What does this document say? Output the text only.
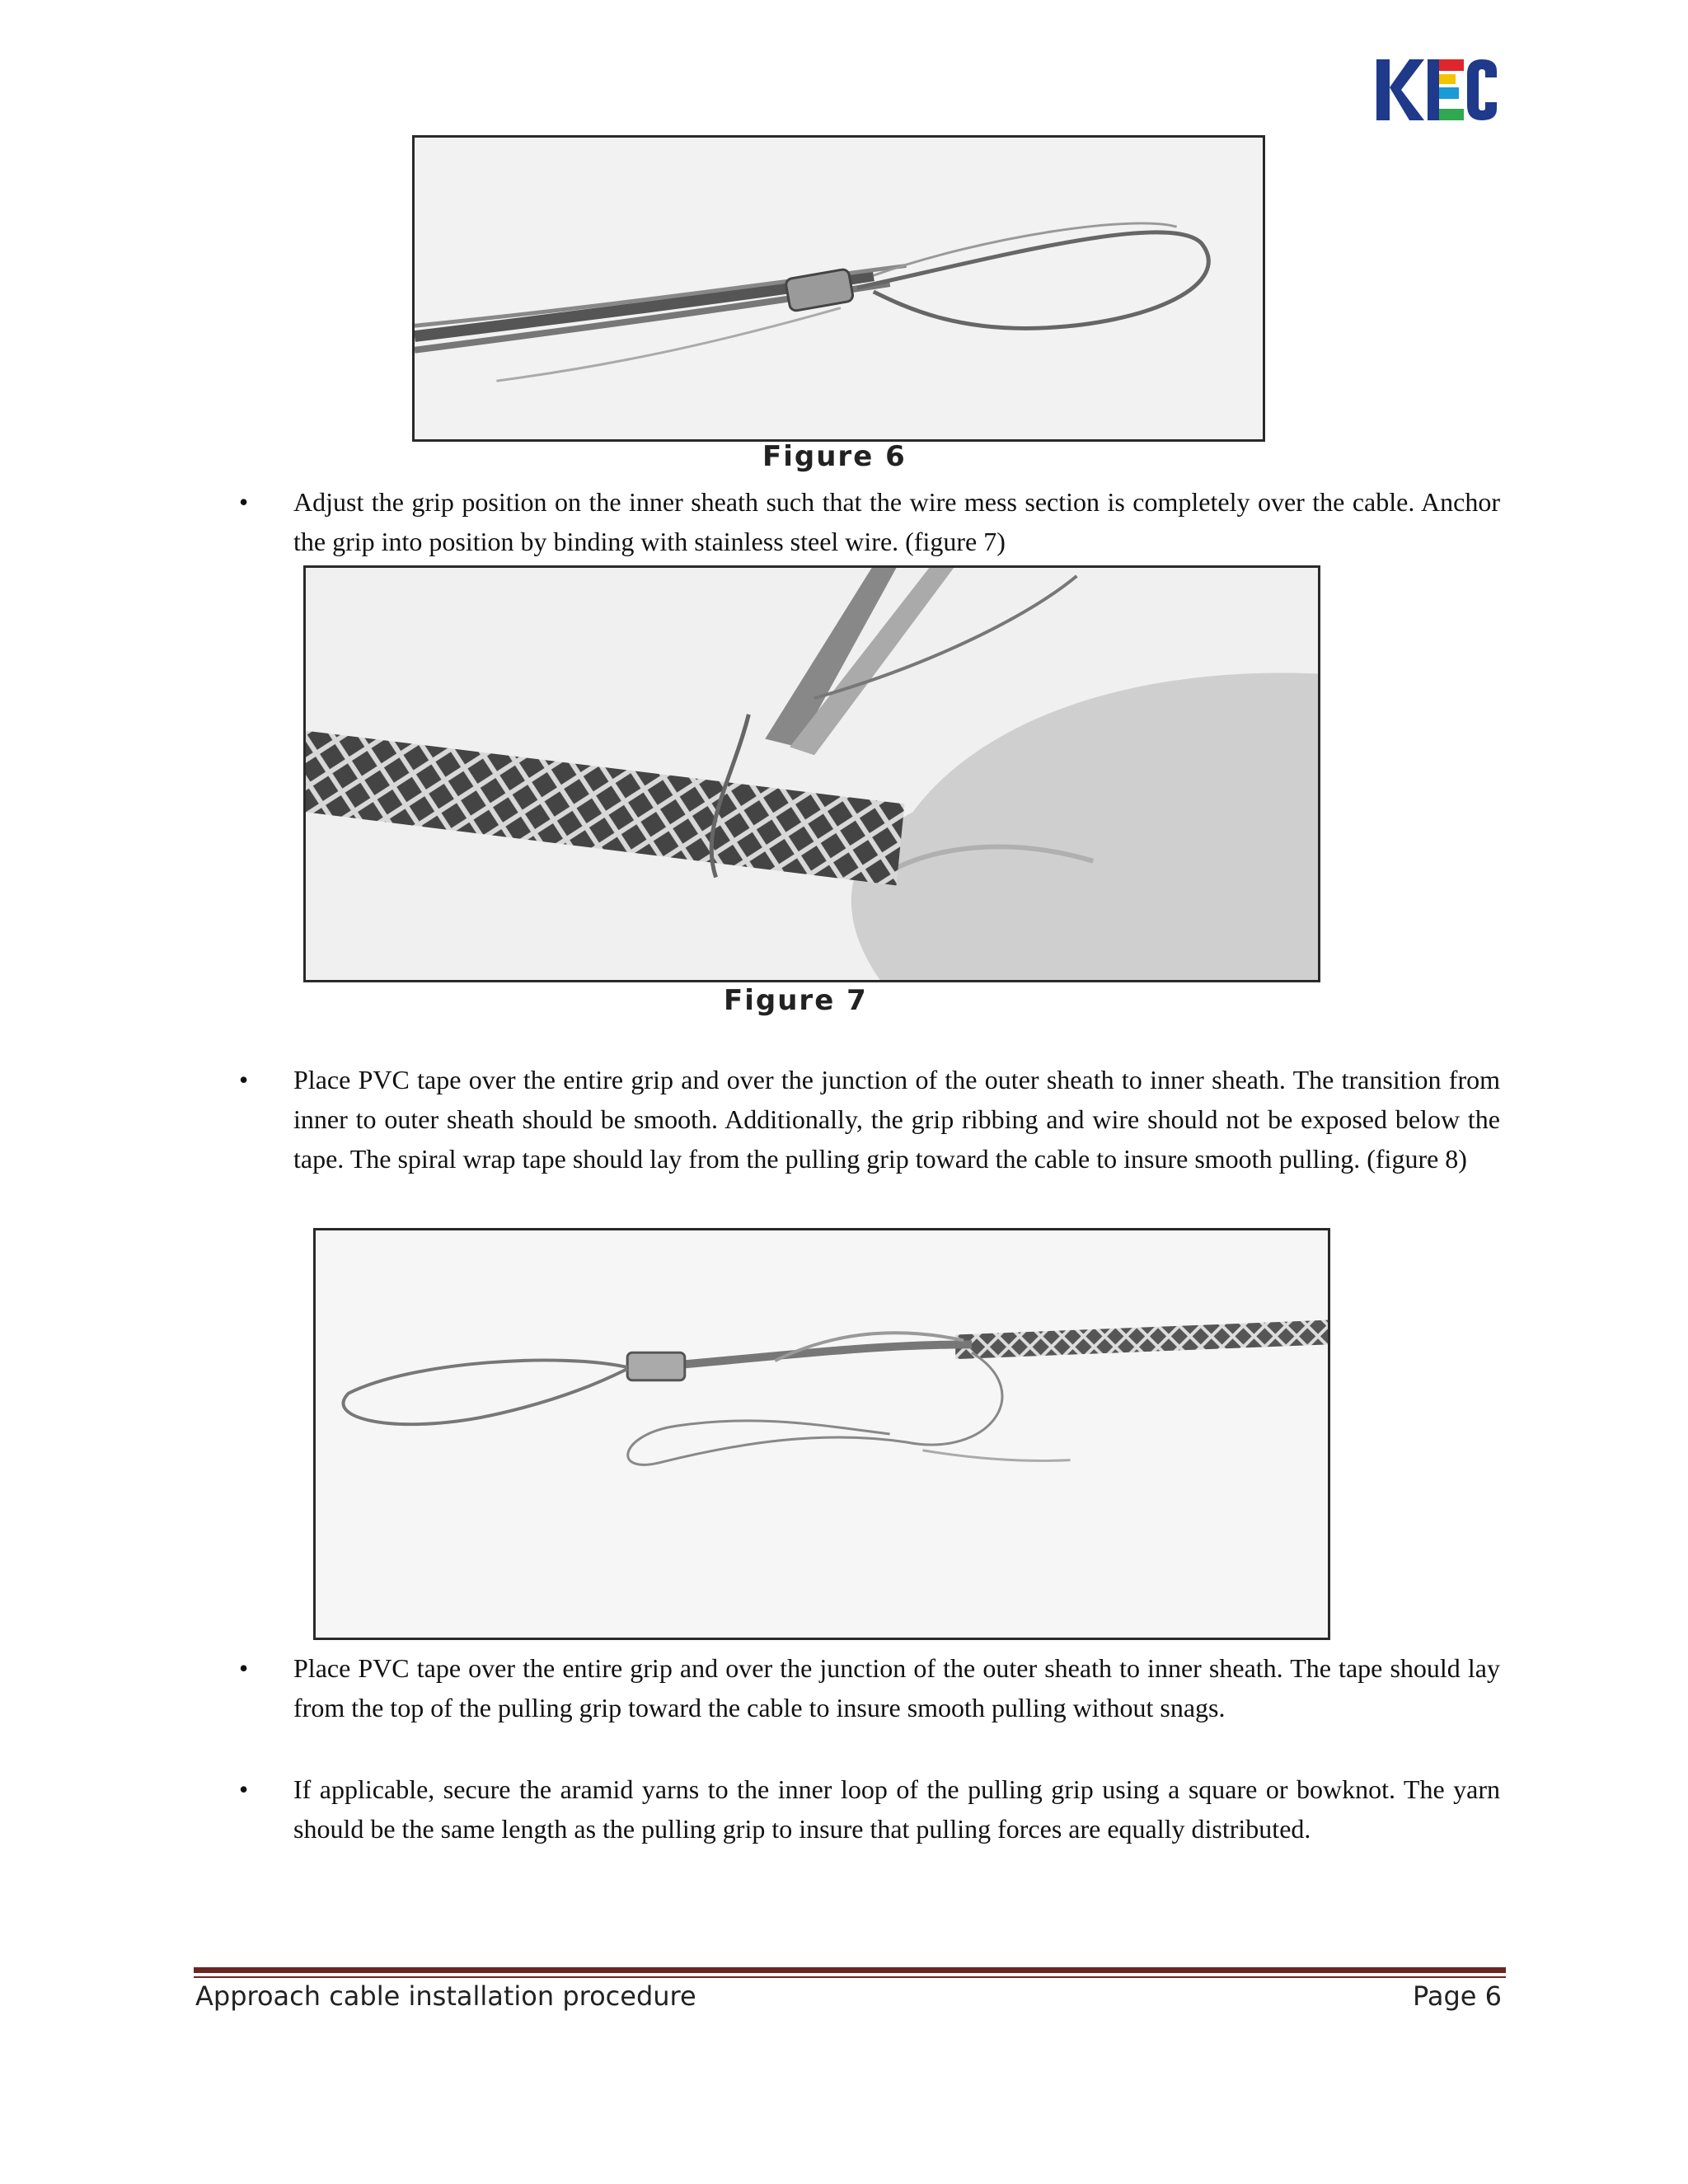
Figure 6
• Adjust the grip position on the inner sheath such that the wire mess section is completely over the cable. Anchor the grip into position by binding with stainless steel wire. (figure 7)
Figure 7
• Place PVC tape over the entire grip and over the junction of the outer sheath to inner sheath. The transition from inner to outer sheath should be smooth. Additionally, the grip ribbing and wire should not be exposed below the tape. The spiral wrap tape should lay from the pulling grip toward the cable to insure smooth pulling. (figure 8)
• Place PVC tape over the entire grip and over the junction of the outer sheath to inner sheath. The tape should lay from the top of the pulling grip toward the cable to insure smooth pulling without snags.
• If applicable, secure the aramid yarns to the inner loop of the pulling grip using a square or bowknot. The yarn should be the same length as the pulling grip to insure that pulling forces are equally distributed.
Approach cable installation procedure	Page 6
